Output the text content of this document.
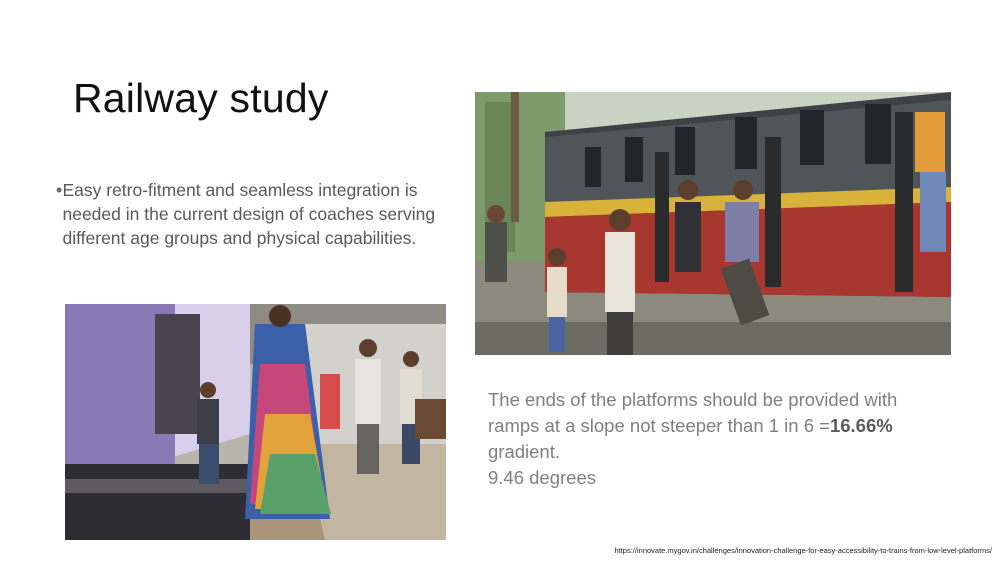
Railway study
• Easy retro-fitment and seamless integration is needed in the current design of coaches serving different age groups and physical capabilities.
The ends of the platforms should be provided with ramps at a slope not steeper than 1 in 6 =16.66%
gradient.
9.46 degrees
https://innovate.mygov.in/challenges/innovation-challenge-for-easy-accessibility-to-trains-from-low-level-platforms/
